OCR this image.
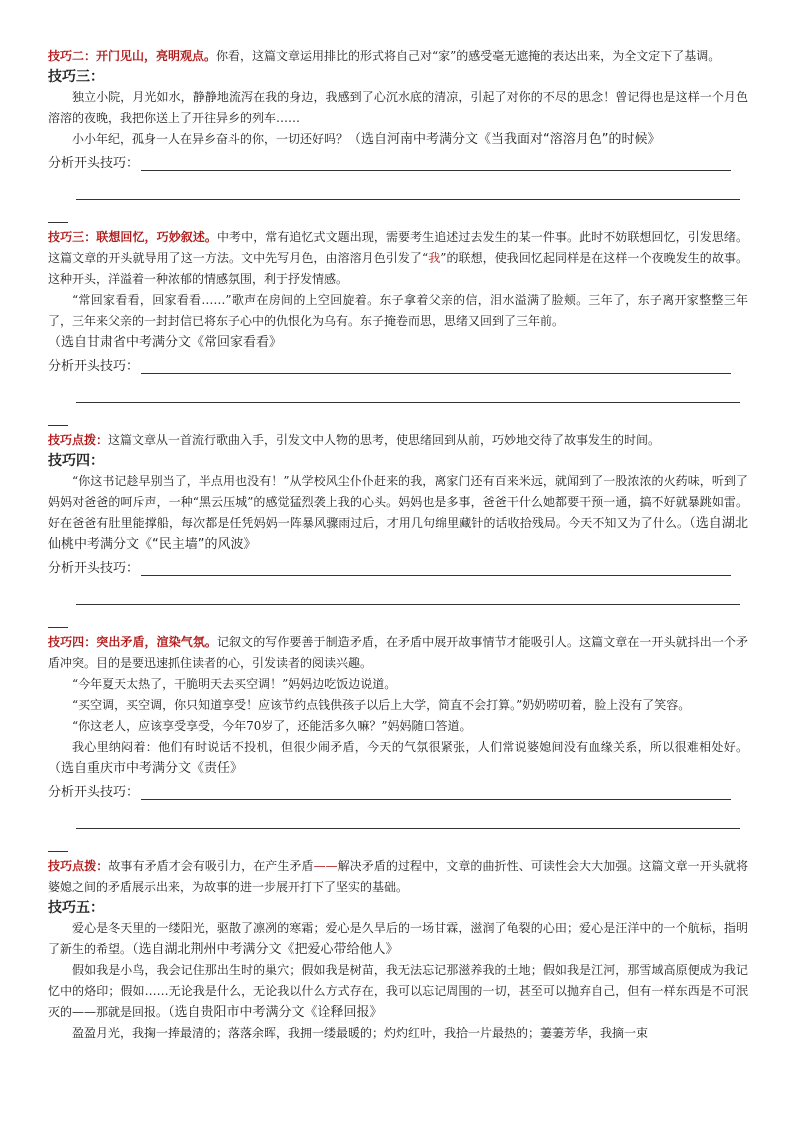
技巧二：开门见山，亮明观点。你看，这篇文章运用排比的形式将自己对“家”的感受毫无遮掩的表达出来，为全文定下了基调。

技巧三：

独立小院，月光如水，静静地流泻在我的身边，我感到了心沉水底的清凉，引起了对你的不尽的思念！曾记得也是这样一个月色溶溶的夜晚，我把你送上了开往异乡的列车……

小小年纪，孤身一人在异乡奋斗的你，一切还好吗？（选自河南中考满分文《当我面对“溶溶月色”的时候》

分析开头技巧：

技巧三：联想回忆，巧妙叙述。中考中，常有追忆式文题出现，需要考生追述过去发生的某一件事。此时不妨联想回忆，引发思绪。这篇文章的开头就导用了这一方法。文中先写月色，由溶溶月色引发了“我”的联想，使我回忆起同样是在这样一个夜晚发生的故事。这种开头，洋溢着一种浓郁的情感氛围，利于抒发情感。

“常回家看看，回家看看……”歌声在房间的上空回旋着。东子拿着父亲的信，泪水溢满了脸颊。三年了，东子离开家整整三年了，三年来父亲的一封封信已将东子心中的仇恨化为乌有。东子掩卷而思，思绪又回到了三年前。

（选自甘肃省中考满分文《常回家看看》

分析开头技巧：

技巧点拨：这篇文章从一首流行歌曲入手，引发文中人物的思考，使思绪回到从前，巧妙地交待了故事发生的时间。

技巧四：

“你这书记趁早别当了，半点用也没有！”从学校风尘仆仆赶来的我，离家门还有百来米远，就闻到了一股浓浓的火药味，听到了妈妈对爸爸的呵斥声，一种“黑云压城”的感觉猛烈袭上我的心头。妈妈也是多事，爸爸干什么她都要干预一通，搞不好就暴跳如雷。好在爸爸有肚里能撑船，每次都是任凭妈妈一阵暴风骤雨过后，才用几句绵里藏针的话收拾残局。今天不知又为了什么。（选自湖北仙桃中考满分文《“民主墙”的风波》

分析开头技巧：

技巧四：突出矛盾，渲染气氛。记叙文的写作要善于制造矛盾，在矛盾中展开故事情节才能吸引人。这篇文章在一开头就抖出一个矛盾冲突。目的是要迅速抓住读者的心，引发读者的阅读兴趣。

“今年夏天太热了，干脆明天去买空调！”妈妈边吃饭边说道。

“买空调，买空调，你只知道享受！应该节约点钱供孩子以后上大学，简直不会打算。”奶奶唠叨着，脸上没有了笑容。

“你这老人，应该享受享受，今年70岁了，还能活多久嘛？”妈妈随口答道。

我心里纳闷着：他们有时说话不投机，但很少闹矛盾，今天的气氛很紧张，人们常说婆媳间没有血缘关系，所以很难相处好。（选自重庆市中考满分文《责任》

分析开头技巧：

技巧点拨：故事有矛盾才会有吸引力，在产生矛盾——解决矛盾的过程中，文章的曲折性、可读性会大大加强。这篇文章一开头就将婆媳之间的矛盾展示出来，为故事的进一步展开打下了坚实的基础。

技巧五：

爱心是冬天里的一缕阳光，驱散了凛冽的寒霜；爱心是久旱后的一场甘霖，滋润了龟裂的心田；爱心是汪洋中的一个航标，指明了新生的希望。（选自湖北荆州中考满分文《把爱心带给他人》

假如我是小鸟，我会记住那出生时的巢穴；假如我是树苗，我无法忘记那滋养我的土地；假如我是江河，那雪域高原便成为我记忆中的烙印；假如……无论我是什么，无论我以什么方式存在，我可以忘记周围的一切，甚至可以抛弃自己，但有一样东西是不可泯灭的——那就是回报。（选自贵阳市中考满分文《诠释回报》

盈盈月光，我掬一捧最清的；落落余晖，我拥一缕最暖的；灼灼红叶，我拾一片最热的；萋萋芳华，我摘一束
